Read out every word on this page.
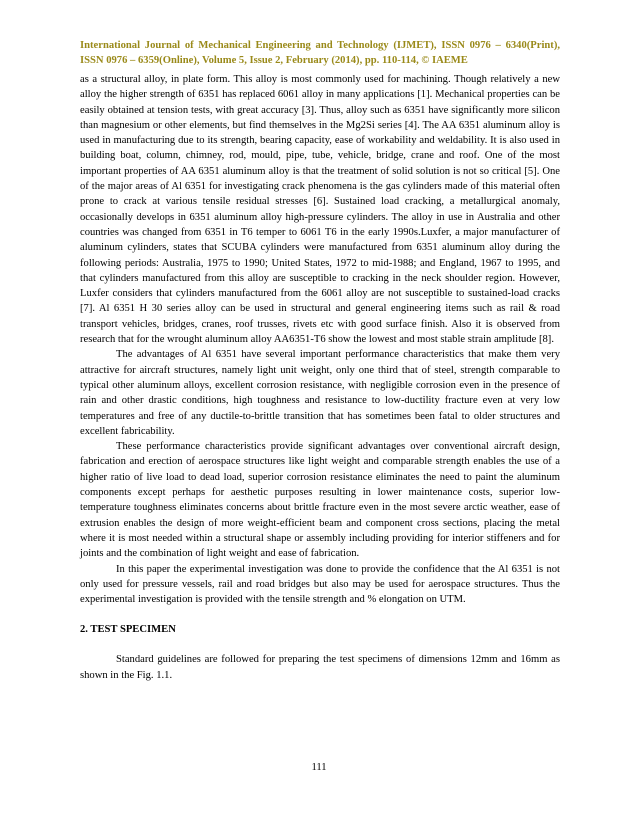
International Journal of Mechanical Engineering and Technology (IJMET), ISSN 0976 – 6340(Print), ISSN 0976 – 6359(Online), Volume 5, Issue 2, February (2014), pp. 110-114, © IAEME

as a structural alloy, in plate form. This alloy is most commonly used for machining. Though relatively a new alloy the higher strength of 6351 has replaced 6061 alloy in many applications [1]. Mechanical properties can be easily obtained at tension tests, with great accuracy [3]. Thus, alloy such as 6351 have significantly more silicon than magnesium or other elements, but find themselves in the Mg2Si series [4]. The AA 6351 aluminum alloy is used in manufacturing due to its strength, bearing capacity, ease of workability and weldability. It is also used in building boat, column, chimney, rod, mould, pipe, tube, vehicle, bridge, crane and roof. One of the most important properties of AA 6351 aluminum alloy is that the treatment of solid solution is not so critical [5]. One of the major areas of Al 6351 for investigating crack phenomena is the gas cylinders made of this material often prone to crack at various tensile residual stresses [6]. Sustained load cracking, a metallurgical anomaly, occasionally develops in 6351 aluminum alloy high-pressure cylinders. The alloy in use in Australia and other countries was changed from 6351 in T6 temper to 6061 T6 in the early 1990s.Luxfer, a major manufacturer of aluminum cylinders, states that SCUBA cylinders were manufactured from 6351 aluminum alloy during the following periods: Australia, 1975 to 1990; United States, 1972 to mid-1988; and England, 1967 to 1995, and that cylinders manufactured from this alloy are susceptible to cracking in the neck shoulder region. However, Luxfer considers that cylinders manufactured from the 6061 alloy are not susceptible to sustained-load cracks [7]. Al 6351 H 30 series alloy can be used in structural and general engineering items such as rail & road transport vehicles, bridges, cranes, roof trusses, rivets etc with good surface finish. Also it is observed from research that for the wrought aluminum alloy AA6351-T6 show the lowest and most stable strain amplitude [8].

The advantages of Al 6351 have several important performance characteristics that make them very attractive for aircraft structures, namely light unit weight, only one third that of steel, strength comparable to typical other aluminum alloys, excellent corrosion resistance, with negligible corrosion even in the presence of rain and other drastic conditions, high toughness and resistance to low-ductility fracture even at very low temperatures and free of any ductile-to-brittle transition that has sometimes been fatal to older structures and excellent fabricability.

These performance characteristics provide significant advantages over conventional aircraft design, fabrication and erection of aerospace structures like light weight and comparable strength enables the use of a higher ratio of live load to dead load, superior corrosion resistance eliminates the need to paint the aluminum components except perhaps for aesthetic purposes resulting in lower maintenance costs, superior low-temperature toughness eliminates concerns about brittle fracture even in the most severe arctic weather, ease of extrusion enables the design of more weight-efficient beam and component cross sections, placing the metal where it is most needed within a structural shape or assembly including providing for interior stiffeners and for joints and the combination of light weight and ease of fabrication.

In this paper the experimental investigation was done to provide the confidence that the Al 6351 is not only used for pressure vessels, rail and road bridges but also may be used for aerospace structures. Thus the experimental investigation is provided with the tensile strength and % elongation on UTM.

2. TEST SPECIMEN

Standard guidelines are followed for preparing the test specimens of dimensions 12mm and 16mm as shown in the Fig. 1.1.

111
